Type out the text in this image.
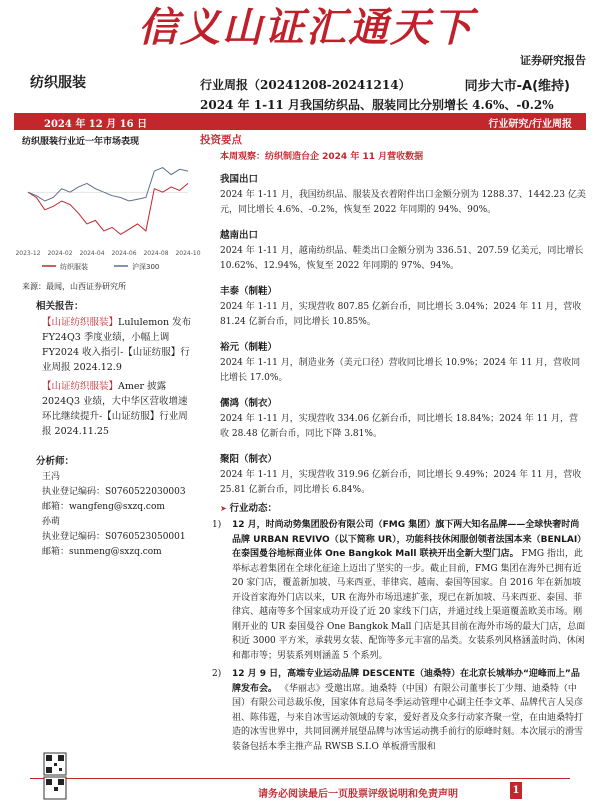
信义山证汇通天下
证券研究报告
纺织服装	行业周报（20241208-20241214）	同步大市-A(维持)
2024 年 1-11 月我国纺织品、服装同比分别增长 4.6%、-0.2%
2024 年 12 月 16 日	行业研究/行业周报
纺织服装行业近一年市场表现
2023-12 2024-02 2024-04 2024-06 2024-08 2024-10
纺织服装	沪深300
来源：最闻，山西证券研究所
相关报告：
【山证纺织服装】Lululemon 发布 FY24Q3 季度业绩，小幅上调 FY2024 收入指引-【山证纺服】行业周报 2024.12.9
【山证纺织服装】Amer 披露 2024Q3 业绩，大中华区营收增速环比继续提升-【山证纺服】行业周报 2024.11.25
分析师：
王冯
执业登记编码：S0760522030003
邮箱：wangfeng@sxzq.com
孙萌
执业登记编码：S0760523050001
邮箱：sunmeng@sxzq.com
投资要点
本周观察：纺织制造台企 2024 年 11 月营收数据
我国出口

2024 年 1-11 月，我国纺织品、服装及衣着附件出口金额分别为 1288.37、1442.23 亿美元，同比增长 4.6%、-0.2%，恢复至 2022 年同期的 94%、90%。

越南出口

2024 年 1-11 月，越南纺织品、鞋类出口金额分别为 336.51、207.59 亿美元，同比增长 10.62%、12.94%，恢复至 2022 年同期的 97%、94%。

丰泰（制鞋）

2024 年 1-11 月，实现营收 807.85 亿新台币，同比增长 3.04%；2024 年 11 月，营收 81.24 亿新台币，同比增长 10.85%。

裕元（制鞋）

2024 年 1-11 月，制造业务（美元口径）营收同比增长 10.9%；2024 年 11 月，营收同比增长 17.0%。

儒鸿（制衣）

2024 年 1-11 月，实现营收 334.06 亿新台币，同比增长 18.84%；2024 年 11 月，营收 28.48 亿新台币，同比下降 3.81%。

聚阳（制衣）

2024 年 1-11 月，实现营收 319.96 亿新台币，同比增长 9.49%；2024 年 11 月，营收 25.81 亿新台币，同比增长 6.84%。

➤ 行业动态：
1) 12 月，时尚动势集团股份有限公司（FMG 集团）旗下两大知名品牌——全球快奢时尚品牌 URBAN REVIVO（以下简称 UR），功能科技休闲服创领者法国本来（BENLAI）在泰国曼谷地标商业体 One Bangkok Mall 联袂开出全新大型门店。 FMG 指出，此举标志着集团在全球化征途上迈出了坚实的一步。截止目前，FMG 集团在海外已拥有近 20 家门店，覆盖新加坡、马来西亚、菲律宾、越南、泰国等国家。自 2016 年在新加坡开设首家海外门店以来，UR 在海外市场迅速扩张，现已在新加坡、马来西亚、泰国、菲律宾、越南等多个国家成功开设了近 20 家线下门店，并通过线上渠道覆盖欧美市场。刚刚开业的 UR 泰国曼谷 One Bangkok Mall 门店是其目前在海外市场的最大门店，总面积近 3000 平方米，承载男女装、配饰等多元丰富的品类。女装系列风格涵盖时尚、休闲和都市等；男装系列则涵盖 5 个系列。
2) 12 月 9 日，高端专业运动品牌 DESCENTE（迪桑特）在北京长城举办“迎峰而上”品牌发布会。 《华丽志》受邀出席。迪桑特（中国）有限公司董事长丁少翔、迪桑特（中国）有限公司总裁乐俊，国家体育总局冬季运动管理中心副主任李文革、品牌代言人吴彦祖、陈伟霆，与来自冰雪运动领域的专家，爱好者及众多行动家齐聚一堂，在由迪桑特打造的冰雪世界中，共同回溯并展望品牌与冰雪运动携手前行的原峰时刻。本次展示的滑雪装备包括本季主推产品 RWSB S.I.O 单板滑雪服和
请务必阅读最后一页股票评级说明和免责声明	1
